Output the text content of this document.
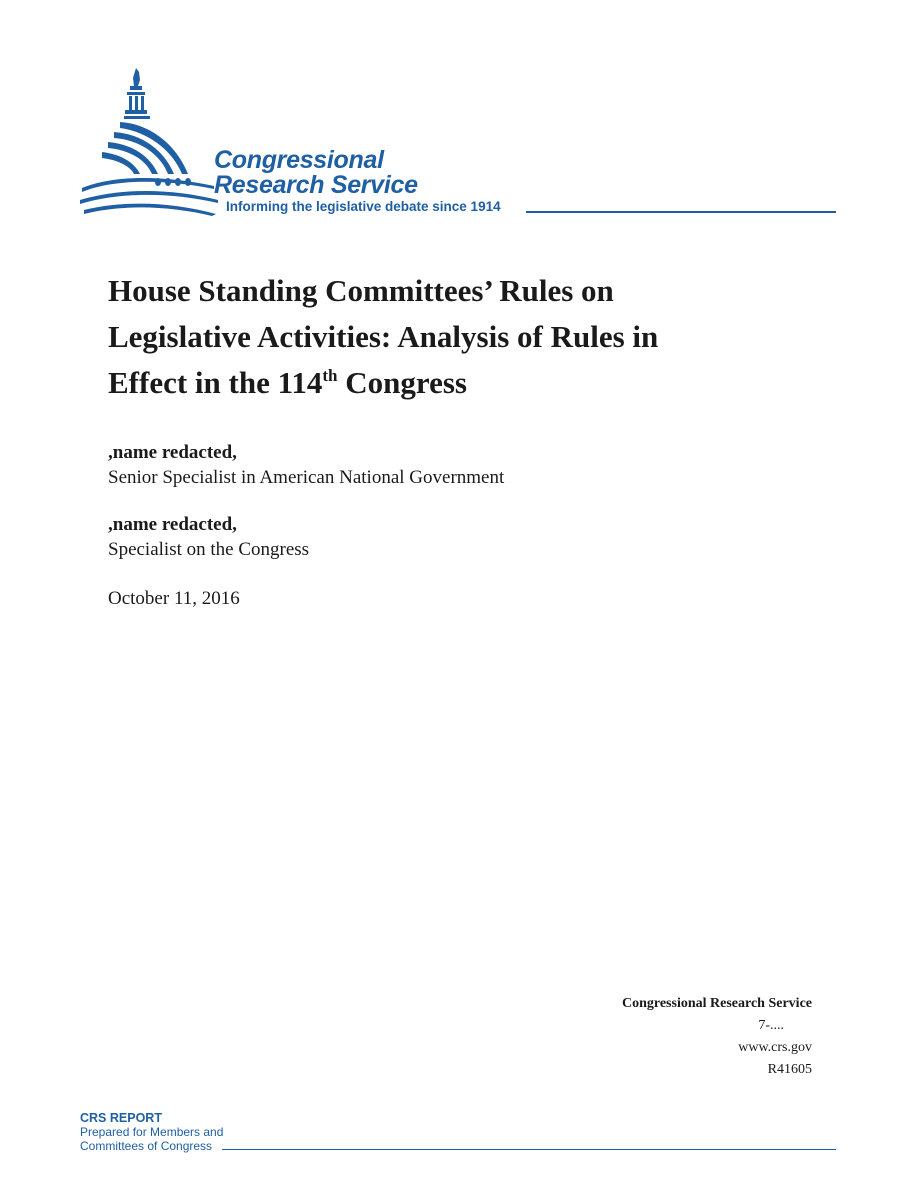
Congressional
Research Service
Informing the legislative debate since 1914
House Standing Committees’ Rules on
Legislative Activities: Analysis of Rules in
Effect in the 114th Congress
,name redacted,
Senior Specialist in American National Government
,name redacted,
Specialist on the Congress
October 11, 2016
Congressional Research Service
7-....
www.crs.gov
R41605
CRS REPORT
Prepared for Members and
Committees of Congress
